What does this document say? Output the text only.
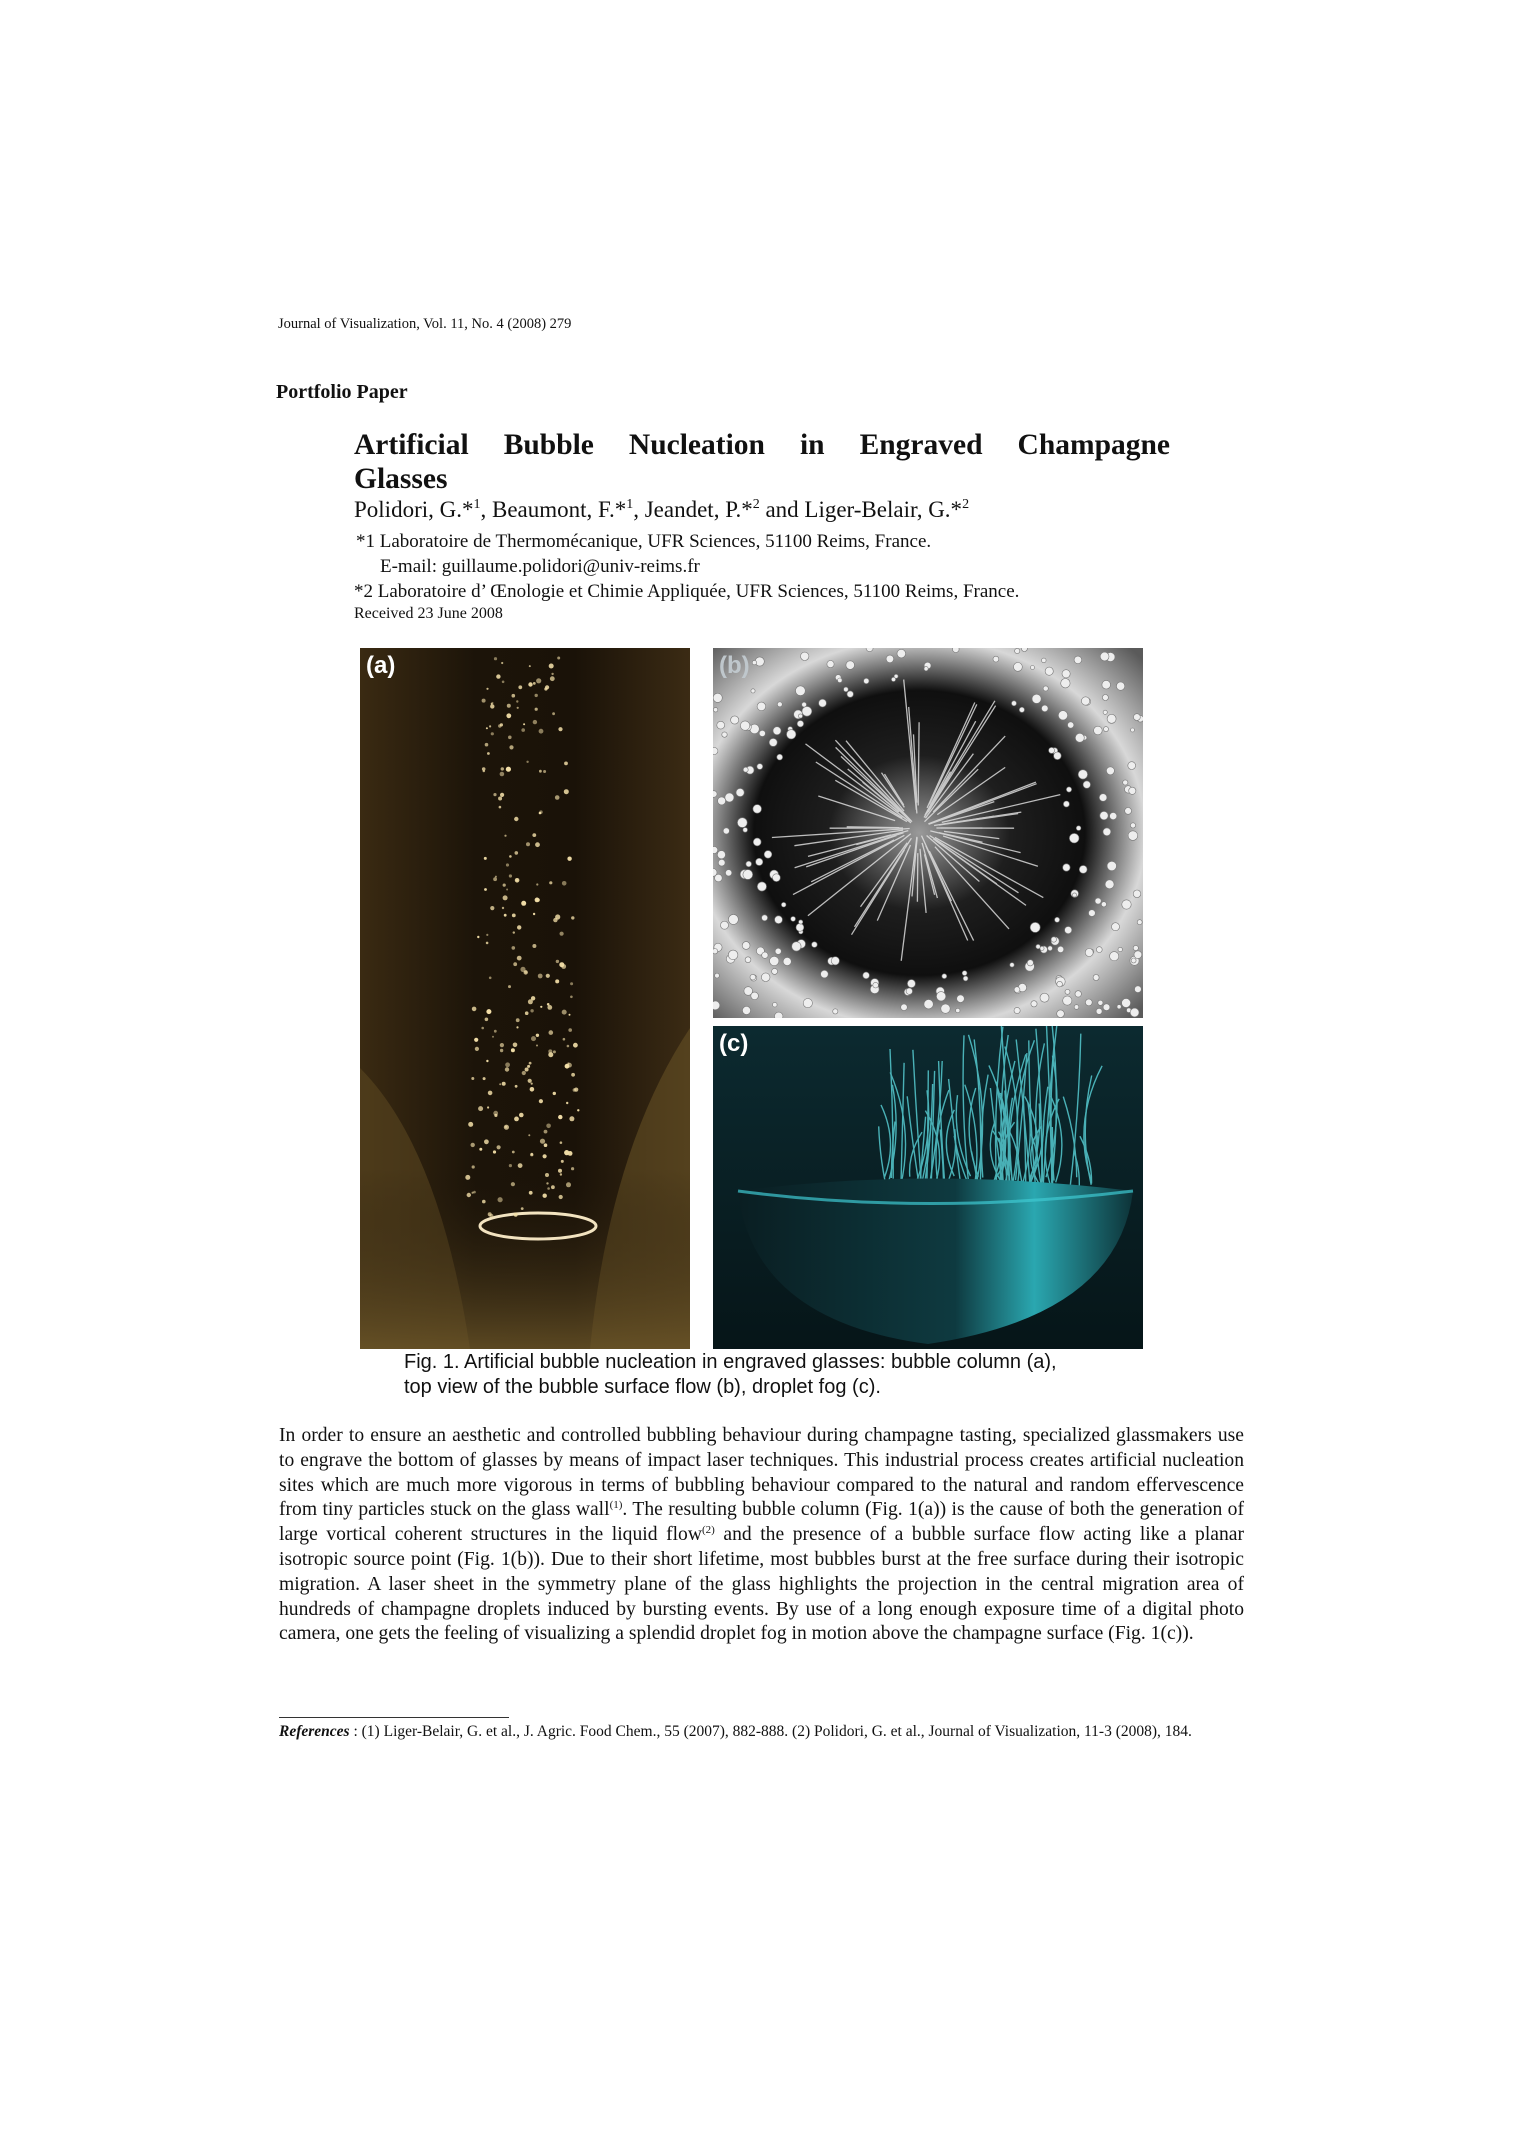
Journal of Visualization, Vol. 11, No. 4 (2008) 279
Portfolio Paper
Artificial Bubble Nucleation in Engraved Champagne
Glasses
Polidori, G.*$^1$, Beaumont, F.*$^1$, Jeandet, P.*$^2$ and Liger-Belair, G.*$^2$
*1 Laboratoire de Thermomécanique, UFR Sciences, 51100 Reims, France.
E-mail: guillaume.polidori@univ-reims.fr
*2 Laboratoire d’ Œnologie et Chimie Appliquée, UFR Sciences, 51100 Reims, France.
Received 23 June 2008
(a)	(b)
(c)
Fig. 1. Artificial bubble nucleation in engraved glasses: bubble column (a),
top view of the bubble surface flow (b), droplet fog (c).
In order to ensure an aesthetic and controlled bubbling behaviour during champagne tasting, specialized glassmakers use to engrave the bottom of glasses by means of impact laser techniques. This industrial process creates artificial nucleation sites which are much more vigorous in terms of bubbling behaviour compared to the natural and random effervescence from tiny particles stuck on the glass wall$^{(1)}$. The resulting bubble column (Fig. 1(a)) is the cause of both the generation of large vortical coherent structures in the liquid flow$^{(2)}$ and the presence of a bubble surface flow acting like a planar isotropic source point (Fig. 1(b)). Due to their short lifetime, most bubbles burst at the free surface during their isotropic migration. A laser sheet in the symmetry plane of the glass highlights the projection in the central migration area of hundreds of champagne droplets induced by bursting events. By use of a long enough exposure time of a digital photo camera, one gets the feeling of visualizing a splendid droplet fog in motion above the champagne surface (Fig. 1(c)).
References : (1) Liger-Belair, G. et al., J. Agric. Food Chem., 55 (2007), 882-888. (2) Polidori, G. et al., Journal of Visualization, 11-3 (2008), 184.
